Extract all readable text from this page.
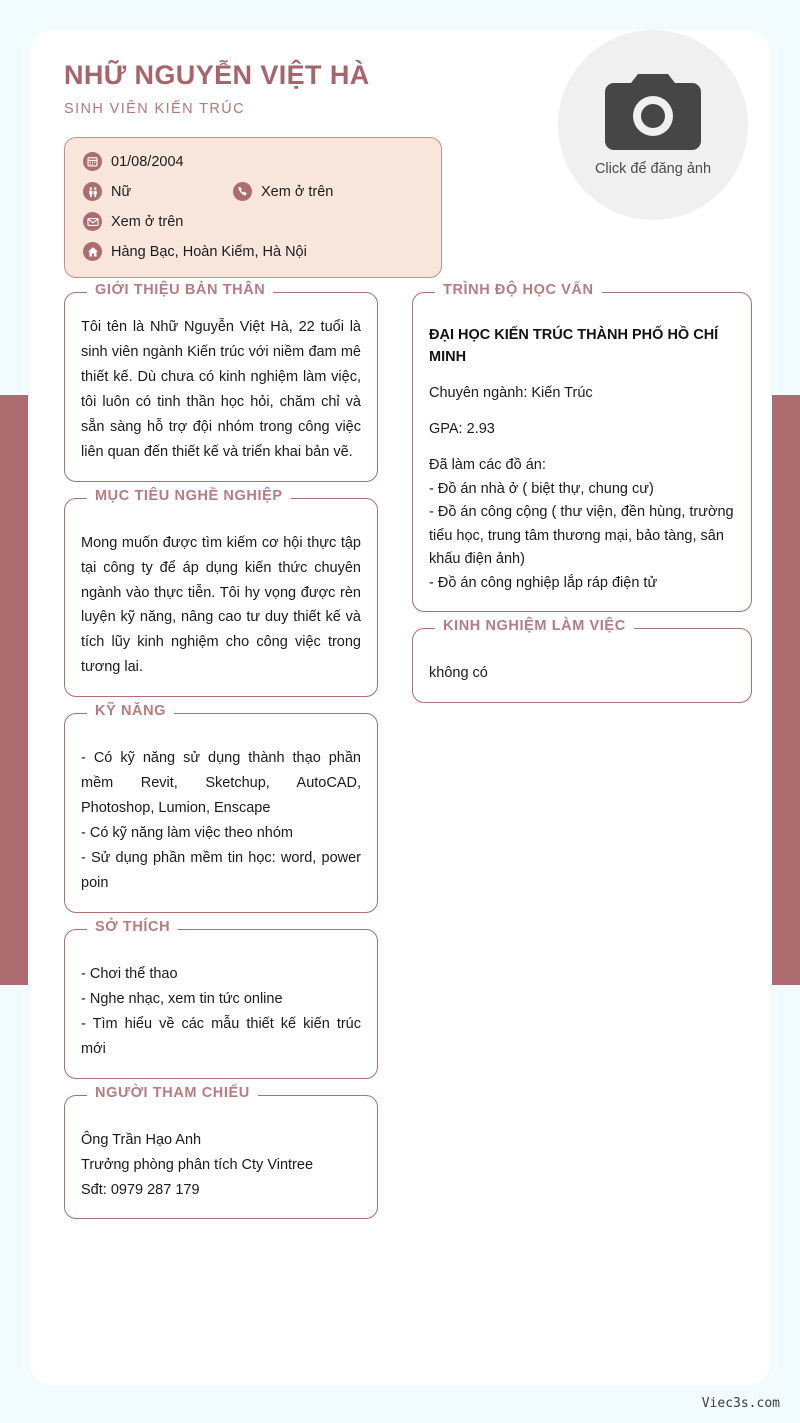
NHỮ NGUYỄN VIỆT HÀ
SINH VIÊN KIẾN TRÚC
01/08/2004
Nữ	Xem ở trên
Xem ở trên
Hàng Bạc, Hoàn Kiếm, Hà Nội
Click để đăng ảnh
GIỚI THIỆU BẢN THÂN

Tôi tên là Nhữ Nguyễn Việt Hà, 22 tuổi là sinh viên ngành Kiến trúc với niềm đam mê thiết kế. Dù chưa có kinh nghiệm làm việc, tôi luôn có tinh thần học hỏi, chăm chỉ và sẵn sàng hỗ trợ đội nhóm trong công việc liên quan đến thiết kế và triển khai bản vẽ.

MỤC TIÊU NGHỀ NGHIỆP

Mong muốn được tìm kiếm cơ hội thực tập tại công ty để áp dụng kiến thức chuyên ngành vào thực tiễn. Tôi hy vọng được rèn luyện kỹ năng, nâng cao tư duy thiết kế và tích lũy kinh nghiệm cho công việc trong tương lai.

KỸ NĂNG

- Có kỹ năng sử dụng thành thạo phần mềm Revit, Sketchup, AutoCAD, Photoshop, Lumion, Enscape

- Có kỹ năng làm việc theo nhóm

- Sử dụng phần mềm tin học: word, power poin

SỞ THÍCH

- Chơi thể thao

- Nghe nhạc, xem tin tức online

- Tìm hiểu về các mẫu thiết kế kiến trúc mới

NGƯỜI THAM CHIẾU

Ông Trần Hạo Anh

Trưởng phòng phân tích Cty Vintree

Sđt: 0979 287 179

TRÌNH ĐỘ HỌC VẤN
ĐẠI HỌC KIẾN TRÚC THÀNH PHỐ HỒ CHÍ MINH
Chuyên ngành: Kiến Trúc
GPA: 2.93
Đã làm các đồ án:
- Đồ án nhà ở ( biệt thự, chung cư)
- Đồ án công cộng ( thư viện, đền hùng, trường tiểu học, trung tâm thương mại, bảo tàng, sân khấu điện ảnh)
- Đồ án công nghiệp lắp ráp điện tử
KINH NGHIỆM LÀM VIỆC

không có

Viec3s.com
